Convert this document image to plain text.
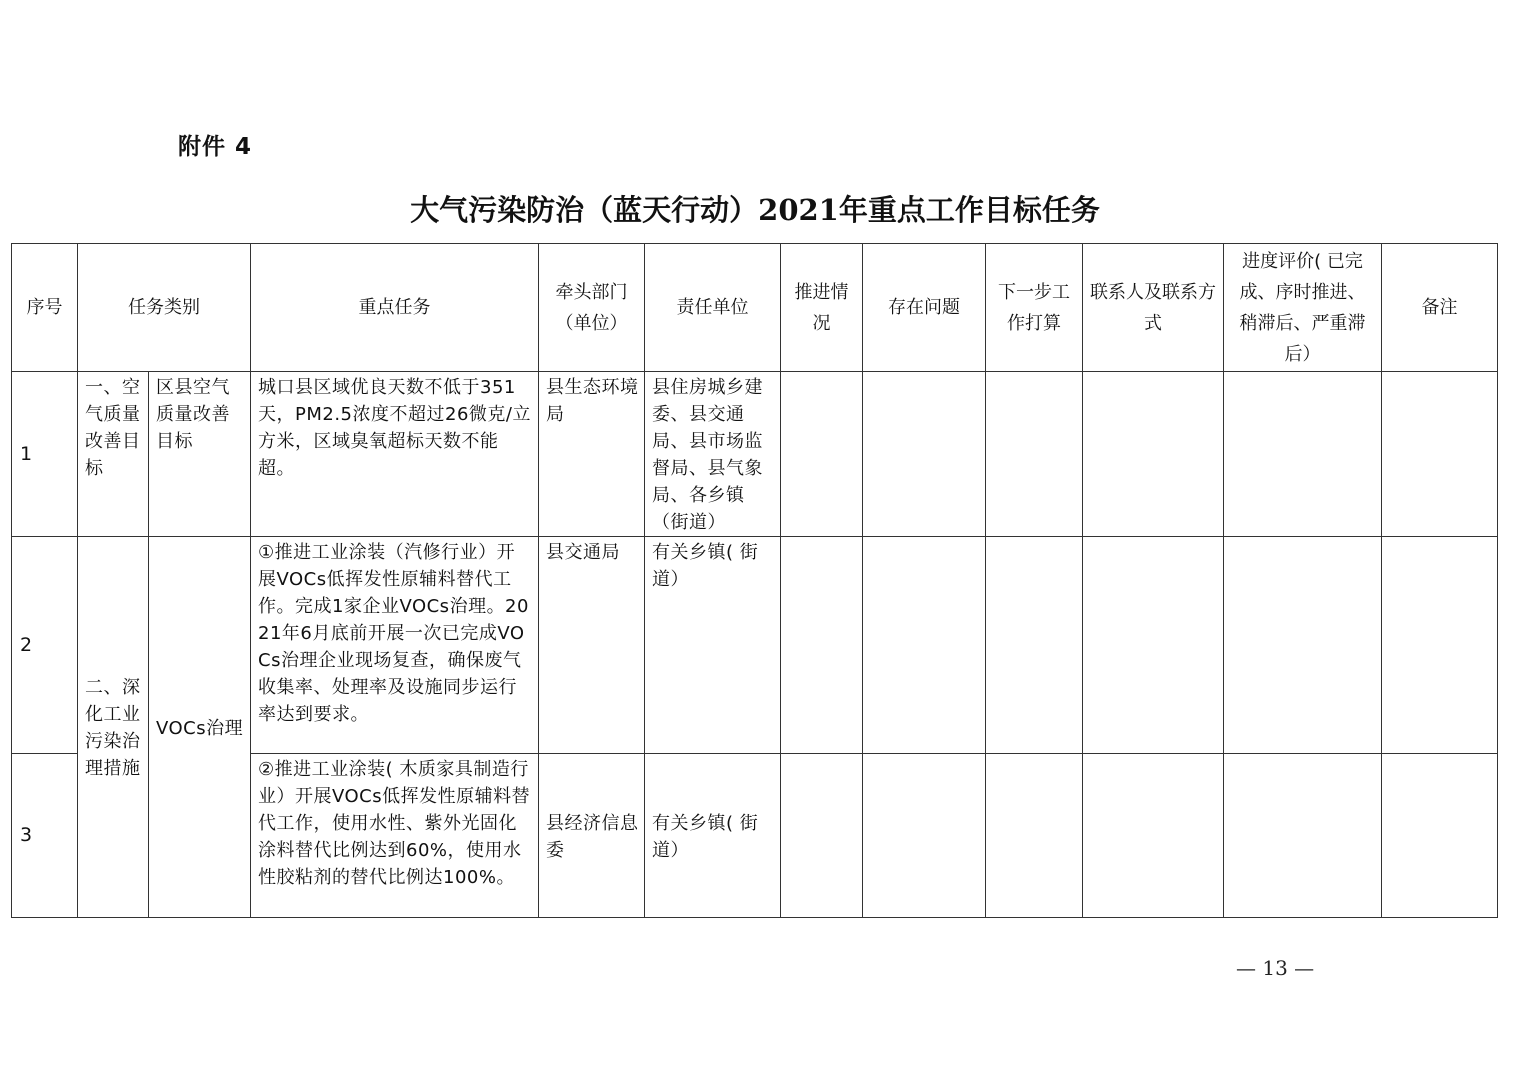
附件 4
大气污染防治（蓝天行动）2021年重点工作目标任务
序号	任务类别		重点任务	牵头部门（单位）	责任单位	推进情况	存在问题	下一步工作打算	联系人及联系方式	进度评价( 已完成、序时推进、稍滞后、严重滞后）	备注
1	一、空气质量改善目标	区县空气质量改善目标	城口县区域优良天数不低于351天，PM2.5浓度不超过26微克/立方米，区域臭氧超标天数不能超。	县生态环境局	县住房城乡建委、县交通局、县市场监督局、县气象局、各乡镇（街道）						
2	二、深化工业污染治理措施	VOCs治理	①推进工业涂装（汽修行业）开展VOCs低挥发性原辅料替代工作。完成1家企业VOCs治理。2021年6月底前开展一次已完成VOCs治理企业现场复查，确保废气收集率、处理率及设施同步运行率达到要求。	县交通局	有关乡镇( 街道）						
3			②推进工业涂装( 木质家具制造行业）开展VOCs低挥发性原辅料替代工作，使用水性、紫外光固化涂料替代比例达到60%，使用水性胶粘剂的替代比例达100%。	县经济信息委	有关乡镇( 街道）						
— 13 —
